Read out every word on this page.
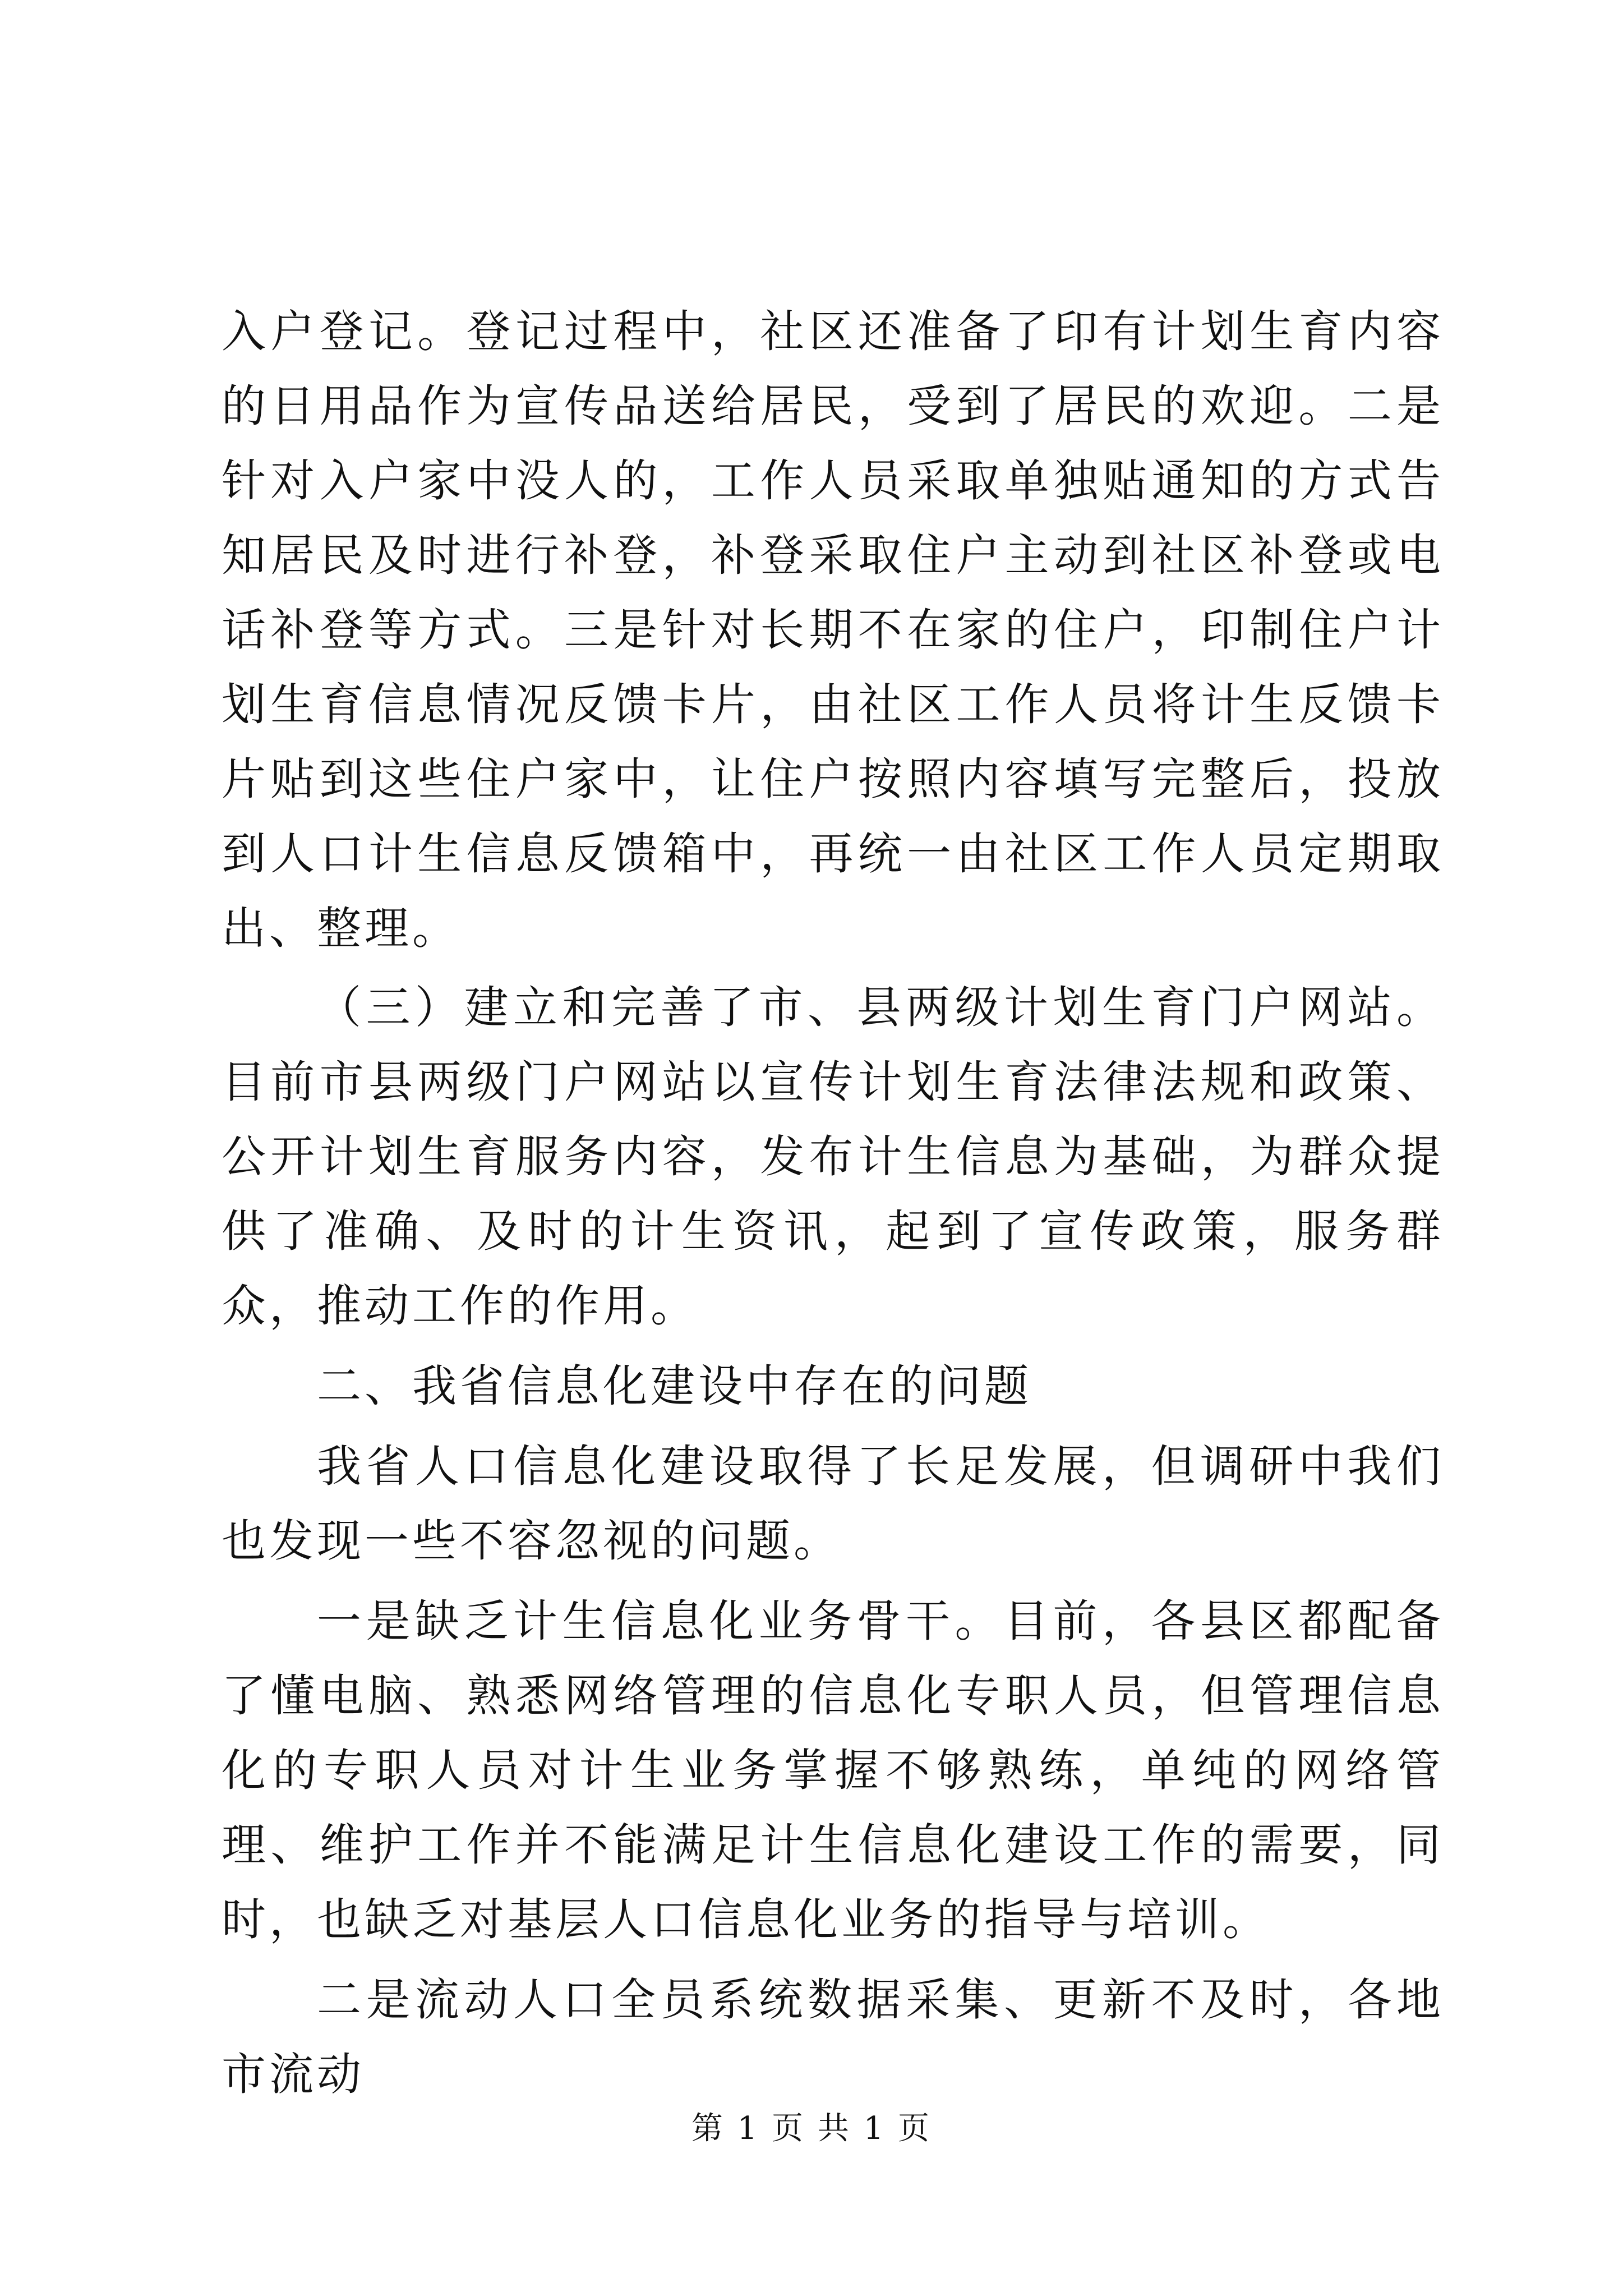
入户登记。登记过程中，社区还准备了印有计划生育内容的日用品作为宣传品送给居民，受到了居民的欢迎。二是针对入户家中没人的，工作人员采取单独贴通知的方式告知居民及时进行补登，补登采取住户主动到社区补登或电话补登等方式。三是针对长期不在家的住户，印制住户计划生育信息情况反馈卡片，由社区工作人员将计生反馈卡片贴到这些住户家中，让住户按照内容填写完整后，投放到人口计生信息反馈箱中，再统一由社区工作人员定期取出、整理。

（三）建立和完善了市、县两级计划生育门户网站。目前市县两级门户网站以宣传计划生育法律法规和政策、公开计划生育服务内容，发布计生信息为基础，为群众提供了准确、及时的计生资讯，起到了宣传政策，服务群众，推动工作的作用。

二、我省信息化建设中存在的问题

我省人口信息化建设取得了长足发展，但调研中我们也发现一些不容忽视的问题。

一是缺乏计生信息化业务骨干。目前，各县区都配备了懂电脑、熟悉网络管理的信息化专职人员，但管理信息化的专职人员对计生业务掌握不够熟练，单纯的网络管理、维护工作并不能满足计生信息化建设工作的需要，同时，也缺乏对基层人口信息化业务的指导与培训。

二是流动人口全员系统数据采集、更新不及时，各地市流动

第 1 页 共 1 页
